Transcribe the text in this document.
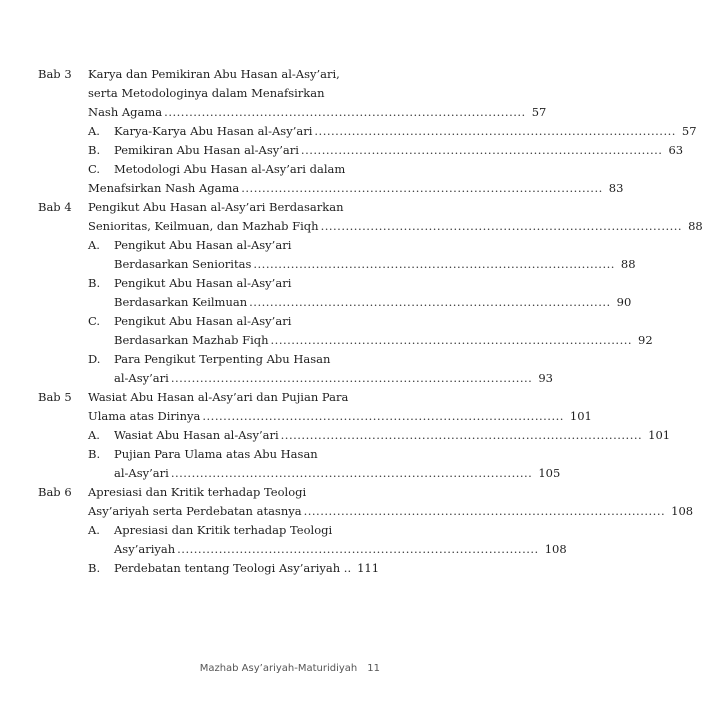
Bab 3 Karya dan Pemikiran Abu Hasan al-Asy’ari,
serta Metodologinya dalam Menafsirkan
Nash Agama ....................................................................................... 57
A. Karya-Karya Abu Hasan al-Asy’ari ....................................................................................... 57
B. Pemikiran Abu Hasan al-Asy’ari ....................................................................................... 63
C. Metodologi Abu Hasan al-Asy’ari dalam
Menafsirkan Nash Agama ....................................................................................... 83
Bab 4 Pengikut Abu Hasan al-Asy’ari Berdasarkan
Senioritas, Keilmuan, dan Mazhab Fiqh ....................................................................................... 88
A. Pengikut Abu Hasan al-Asy’ari
Berdasarkan Senioritas ....................................................................................... 88
B. Pengikut Abu Hasan al-Asy’ari
Berdasarkan Keilmuan ....................................................................................... 90
C. Pengikut Abu Hasan al-Asy’ari
Berdasarkan Mazhab Fiqh ....................................................................................... 92
D. Para Pengikut Terpenting Abu Hasan
al-Asy’ari ....................................................................................... 93
Bab 5 Wasiat Abu Hasan al-Asy’ari dan Pujian Para
Ulama atas Dirinya ....................................................................................... 101
A. Wasiat Abu Hasan al-Asy’ari ....................................................................................... 101
B. Pujian Para Ulama atas Abu Hasan
al-Asy’ari ....................................................................................... 105
Bab 6 Apresiasi dan Kritik terhadap Teologi
Asy’ariyah serta Perdebatan atasnya ....................................................................................... 108
A. Apresiasi dan Kritik terhadap Teologi
Asy’ariyah ....................................................................................... 108
B. Perdebatan tentang Teologi Asy’ariyah .. 111
Mazhab Asy’ariyah-Maturidiyah 11
